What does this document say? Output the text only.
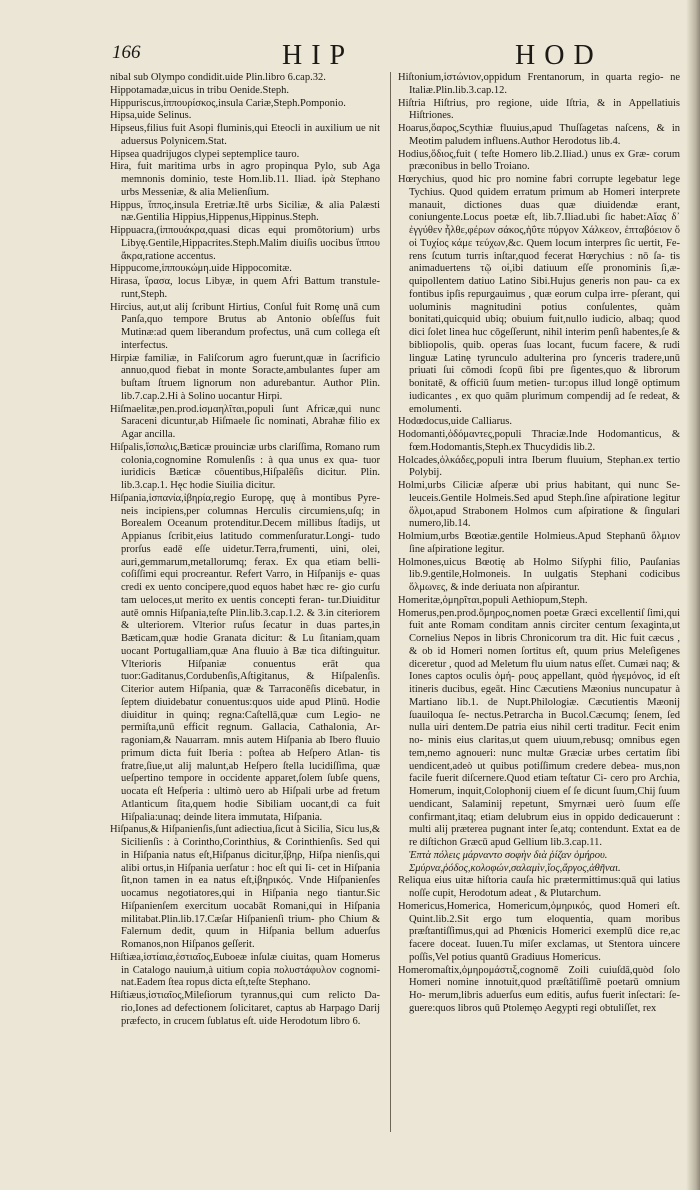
166	HIP	HOD

nibal sub Olympo condidit.uide Plin.libro 6.cap.32.

Hippotamadæ,uicus in tribu Oenide.Steph.

Hippuriscus,ἱππουρίσκος,insula Cariæ,Steph.Pomponio.

Hipsa,uide Selinus.

Hipseus,filius fuit Asopi fluminis,qui Eteocli in auxilium ue nit aduersus Polynicem.Stat.

Hipsea quadrijugos clypei septemplice tauro.

Hira, fuit maritima urbs in agro propinqua Pylo, sub Aga memnonis dominio, teste Hom.lib.11. Iliad. ἱρὰ Stephano urbs Messeniæ, & alia Melienſium.

Hippus, ἵππος,insula Eretriæ.Itē urbs Siciliæ, & alia Palæsti næ.Gentilia Hippius,Hippenus,Hippinus.Steph.

Hippuacra,(ἱππουάκρα,quasi dicas equi promōtorium) urbs Libyę.Gentile,Hippacrites.Steph.Malim diuiſis uocibus ἵππου ἄκρα,ratione accentus.

Hippucome,ἱππουκώμη.uide Hippocomitæ.

Hirasa, ἵρασα, locus Libyæ, in quem Afri Battum transtule- runt,Steph.

Hircius, aut,ut alij ſcribunt Hirtius, Conſul fuit Romę unā cum Panſa,quo tempore Brutus ab Antonio obſeſſus fuit Mutinæ:ad quem liberandum profectus, unā cum collega eſt interfectus.

Hirpiæ familiæ, in Faliſcorum agro fuerunt,quæ in ſacrificio annuo,quod fiebat in monte Soracte,ambulantes ſuper am buſtam ſtruem lignorum non adurebantur. Author Plin. lib.7.cap.2.Hi à Solino uocantur Hirpi.

Hiſmaelitæ,pen.prod.ἰσμαηλῖται,populi ſunt Africæ,qui nunc Saraceni dicuntur,ab Hiſmaele ſic nominati, Abrahæ filio ex Agar ancilla.

Hiſpalis,ἵσπαλις,Bæticæ prouinciæ urbs clariſſima, Romano rum colonia,cognomine Romulenſis : à qua unus ex qua- tuor iuridicis Bæticæ cōuentibus,Hiſpalēſis dicitur. Plin. lib.3.cap.1. Hęc hodie Siuilia dicitur.

Hiſpania,ἱσπανία,ἰβηρία,regio Europę, quę à montibus Pyre- neis incipiens,per columnas Herculis circumiens,uſq; in Borealem Oceanum protenditur.Decem millibus ſtadijs, ut Appianus ſcribit,eius latitudo commenſuratur.Longi- tudo prorſus eadē eſſe uidetur.Terra,frumenti, uini, olei, auri,gemmarum,metallorumq; ferax. Ex qua etiam belli- coſiſſimi equi procreantur. Refert Varro, in Hiſpanijs e- quas credi ex uento concipere,quod equos habet hæc re- gio curſu tam ueloces,ut merito ex uentis concepti feran- tur.Diuiditur autē omnis Hiſpania,teſte Plin.lib.3.cap.1.2. & 3.in citeriorem & ulteriorem. Vlterior ruſus ſecatur in duas partes,in Bæticam,quæ hodie Granata dicitur: & Lu ſitaniam,quam uocant Portugalliam,quæ Ana fluuio à Bæ tica diſtinguitur. Vlterioris Hiſpaniæ conuentus erāt qua tuor:Gaditanus,Cordubenſis,Aſtigitanus, & Hiſpalenſis. Citerior autem Hiſpania, quæ & Tarraconēſis dicebatur, in ſeptem diuidebatur conuentus:quos uide apud Plinū. Hodie diuiditur in quinq; regna:Caſtellā,quæ cum Legio- ne permiſta,unū efficit regnum. Gallacia, Cathalonia, Ar- ragoniam,& Nauarram. mnis autem Hiſpania ab Ibero fluuio primum dicta fuit Iberia : poſtea ab Heſpero Atlan- tis fratre,ſiue,ut alij malunt,ab Heſpero ſtella lucidiſſima, quæ ueſpertino tempore in occidente apparet,ſolem ſubſe quens, uocata eſt Heſperia : ultimò uero ab Hiſpali urbe ad fretum Atlanticum ſita,quem hodie Sibiliam uocant,di ca fuit Hiſpalia:unaq; deinde litera immutata, Hiſpania.

Hiſpanus,& Hiſpanienſis,ſunt adiectiua,ſicut à Sicilia, Sicu lus,& Sicilienſis : à Corintho,Corinthius, & Corinthienſis. Sed qui in Hiſpania natus eſt,Hiſpanus dicitur,ἴβηρ, Hiſpa nienſis,qui alibi ortus,in Hiſpania uerſatur : hoc eſt qui Ii- cet in Hiſpania ſit,non tamen in ea natus eſt,ἰβηρικός. Vnde Hiſpanienſes uocamus negotiatores,qui in Hiſpania nego tiantur.Sic Hiſpanienſem exercitum uocabāt Romani,qui in Hiſpania militabat.Plin.lib.17.Cæſar Hiſpanienſi trium- pho Chium & Falernum dedit, quum in Hiſpania bellum aduerſus Romanos,non Hiſpanos geſſerit.

Hiſtiæa,ἱστίαια,ἑστιαῖος,Euboeæ inſulæ ciuitas, quam Homerus in Catalogo nauium,à uitium copia πολυστάφυλον cognomi- nat.Eadem ſtea ropus dicta eſt,teſte Stephano.

Hiſtiæus,ἱστιαῖος,Mileſiorum tyrannus,qui cum relicto Da- rio,Iones ad defectionem ſolicitaret, captus ab Harpago Darij præfecto, in crucem ſublatus eſt. uide Herodotum libro 6.

Hiſtonium,ἱστώνιον,oppidum Frentanorum, in quarta regio- ne Italiæ.Plin.lib.3.cap.12.

Hiſtria Hiſtrius, pro regione, uide Iſtria, & in Appellatiuis Hiſtriones.

Hoarus,ὅαρος,Scythiæ fluuius,apud Thuſſagetas naſcens, & in Meotim paludem influens.Author Herodotus lib.4.

Hodius,ὅδιος,fuit ( teſte Homero lib.2.Iliad.) unus ex Græ- corum præconibus in bello Troiano.

Hœrychius, quod hic pro nomine fabri corrupte legebatur lege Tychius. Quod quidem erratum primum ab Homeri interprete manauit, dictiones duas quæ diuidendæ erant, coniungente.Locus poetæ eſt, lib.7.Iliad.ubi ſic habet:Αἴας δ᾽ ἐγγύθεν ἦλθε,φέρων σάκος,ἠΰτε πύργον Χάλκεον, ἑπταβόειον ὅ οἱ Τυχίος κάμε τεύχων,&c. Quem locum interpres ſic uertit, Fe- rens ſcutum turris inſtar,quod fecerat Hœrychius : nō ſa- tis animaduertens τῷ οἱ,ibi datiuum eſſe pronominis ſi,æ- quipollentem datiuo Latino Sibi.Hujus generis non pau- ca ex fontibus ipſis repurgauimus , quæ eorum culpa irre- pſerant, qui uoluminis magnitudini potius conſulentes, quàm bonitati,quicquid ubiq; obuium fuit,nullo iudicio, albaq; quod dici ſolet linea huc cōgeſſerunt, nihil interim penſi habentes,ſe & bibliopolis, quib. operas ſuas locant, fucum facere, & rudi linguæ Latinę tyrunculo adulterina pro ſynceris tradere,unū priuati ſui cōmodi ſcopū ſibi pre ſigentes,quo & librorum bonitatē, & officiū ſuum metien- tur:opus illud longē optimum iudicantes , ex quo quām plurimum compendij ad ſe redeat, & emolumenti.

Hodœdocus,uide Calliarus.

Hodomanti,ὀδόμαντες,populi Thraciæ.Inde Hodomanticus, & fœm.Hodomantis,Steph.ex Thucydidis lib.2.

Holcades,ὁλκάδες,populi intra Iberum fluuium, Stephan.ex tertio Polybij.

Holmi,urbs Ciliciæ aſperæ ubi prius habitant, qui nunc Se- leuceis.Gentile Holmeis.Sed apud Steph.ſine aſpiratione legitur ὅλμοι,apud Strabonem Holmos cum aſpiratione & ſingulari numero,lib.14.

Holmium,urbs Bœotiæ.gentile Holmieus.Apud Stephanū ὅλμιον ſine aſpiratione legitur.

Holmones,uicus Bœotię ab Holmo Siſyphi filio, Pauſanias lib.9.gentile,Holmoneis. In uulgatis Stephani codicibus ὅλμωνες, & inde deriuata non aſpirantur.

Homeritæ,ὁμηρῖται,populi Aethiopum,Steph.

Homerus,pen.prod.ὅμηρος,nomen poetæ Græci excellentiſ ſimi,qui fuit ante Romam conditam annis circiter centum ſexaginta,ut Cornelius Nepos in libris Chronicorum tra dit. Hic fuit cæcus , & ob id Homeri nomen ſortitus eſt, quum prius Meleſigenes diceretur , quod ad Meletum flu uium natus eſſet. Cumæi naq; & Iones captos oculis ὁμή- ρους appellant, quòd ἡγεμόνος, id eſt itineris ducibus, egeāt. Hinc Cæcutiens Mæonius nuncupatur à Martiano lib.1. de Nupt.Philologiæ. Cæcutientis Mæonij ſuauiloqua ſe- nectus.Petrarcha in Bucol.Cæcumq; ſenem, ſed nulla uiri dentem.De patria eius nihil certi traditur. Fecit enim no- minis eius claritas,ut quem uiuum,rebusq; omnibus egen tem,nemo agnoueri: nunc multæ Græciæ urbes certatim ſibi uendicent,adeò ut quibus potiſſimum credere debea- mus,non facile fuerit diſcernere.Quod etiam teſtatur Ci- cero pro Archia, Homerum, inquit,Colophonij ciuem eſ ſe dicunt ſuum,Chij ſuum uendicant, Salaminij repetunt, Smyrnæi uerò ſuum eſſe confirmant,itaq; etiam delubrum eius in oppido dedicauerunt : multi alij præterea pugnant inter ſe,atq; contendunt. Extat ea de re diſtichon Græcū apud Gellium lib.3.cap.11.

Ἑπτὰ πόλεις μάρναντο σοφὴν διὰ ῥίζαν ὁμήρου.

Σμύρνα,ῥόδος,κολοφών,σαλαμὶν,ἴος,ἄργος,ἀθῆναι.

Reliqua eius uitæ hiſtoria cauſa hic prætermittimus:quā qui latius noſſe cupit, Herodotum adeat , & Plutarchum.

Homericus,Homerica, Homericum,ὁμηρικός, quod Homeri eſt. Quint.lib.2.Sit ergo tum eloquentia, quam moribus præſtantiſſimus,qui ad Phœnicis Homerici exemplū dice re,ac facere doceat. Iuuen.Tu miſer exclamas, ut Stentora uincere poſſis,Vel potius quantū Gradiuus Homericus.

Homeromaſtix,ὁμηρομάστιξ,cognomē Zoili cuiuſdā,quòd ſolo Homeri nomine innotuit,quod præſtātiſſimē poetarū omnium Ho- merum,libris aduerſus eum editis, aufus fuerit inſectari: ſe- guere:quos libros quū Ptolemęo Aegypti regi obtuliſſet, rex
